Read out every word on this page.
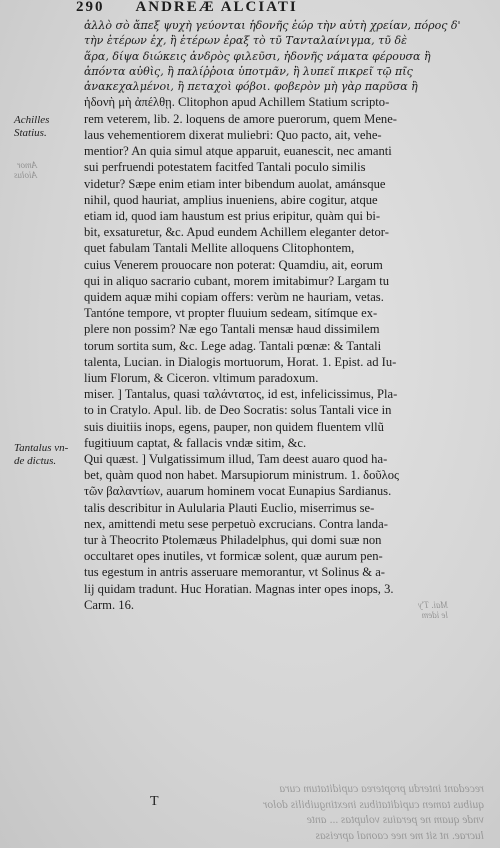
290 ANDREÆ ALCIATI
Amor
Aiolus
Mai. T'y
le idem
Achilles
Statius.
Tantalus vn-
de dictus.

ἀλλὸ σὸ ἄπεξ ψυχὴ γεύονται ἡδονῆς ἑώρ τὴν αὐτὴ χρείαν, πόρος δ'

τὴν ἑτέρων ἐχ, ἢ ἑτέρων ἐραξ τὸ τῦ Τανταλαίνιγμα, τῦ δὲ

ἅρα, δίψα διώκεις ἀνδρὸς φιλεῦσι, ἡδονῆς νάματα φέρουσα ἢ

ἀπόντα αὐθὶς, ἢ παλίῤῥοια ὑποτμᾶν, ἢ λυπεῖ πικρεῖ τῷ πῖς

ἀνακεχαλμένοι, ἢ πεταχοὶ φόβοι. φοβερὸν μὴ γὰρ παρῦσα ἢ

ἡδονὴ μὴ ἀπέλθῃ. Clitophon apud Achillem Statium scripto-

rem veterem, lib. 2. loquens de amore puerorum, quem Mene-

laus vehementiorem dixerat muliebri: Quo pacto, ait, vehe-

mentior? An quia simul atque apparuit, euanescit, nec amanti

sui perfruendi potestatem facitfed Tantali poculo similis

videtur? Sæpe enim etiam inter bibendum auolat, amánsque

nihil, quod hauriat, amplius inueniens, abire cogitur, atque

etiam id, quod iam haustum est prius eripitur, quàm qui bi-

bit, exsaturetur, &c. Apud eundem Achillem eleganter detor-

quet fabulam Tantali Mellite alloquens Clitophontem,

cuius Venerem prouocare non poterat: Quamdiu, ait, eorum

qui in aliquo sacrario cubant, morem imitabimur? Largam tu

quidem aquæ mihi copiam offers: verùm ne hauriam, vetas.

Tantóne tempore, vt propter fluuium sedeam, sitímque ex-

plere non possim? Næ ego Tantali mensæ haud dissimilem

torum sortita sum, &c. Lege adag. Tantali pœnæ: & Tantali

talenta, Lucian. in Dialogis mortuorum, Horat. 1. Epist. ad Iu-

lium Florum, & Ciceron. vltimum paradoxum.

miser. ] Tantalus, quasi ταλάντατος, id est, infelicissimus, Pla-

to in Cratylo. Apul. lib. de Deo Socratis: solus Tantali vice in

suis diuitiis inops, egens, pauper, non quidem fluentem vllũ

fugitiuum captat, & fallacis vndæ sitim, &c.

Qui quæst. ] Vulgatissimum illud, Tam deest auaro quod ha-

bet, quàm quod non habet. Marsupiorum ministrum. 1. δοῦλος

τῶν βαλαντίων, auarum hominem vocat Eunapius Sardianus.

talis describitur in Aulularia Plauti Euclio, miserrimus se-

nex, amittendi metu sese perpetuò excrucians. Contra landa-

tur à Theocrito Ptolemæus Philadelphus, qui domi suæ non

occultaret opes inutiles, vt formicæ solent, quæ aurum pen-

tus egestum in antris asseruare memorantur, vt Solinus & a-

lij quidam tradunt. Huc Horatian. Magnas inter opes inops, 3.

Carm. 16.

recedant interdu propterea cupiditatum cura
quibus tamen cupiditatibus inextinguibilis dolor
vnde quam ne peraius voluptas ... ante
lucrae. nt sit me nee caonal apreisas
T
